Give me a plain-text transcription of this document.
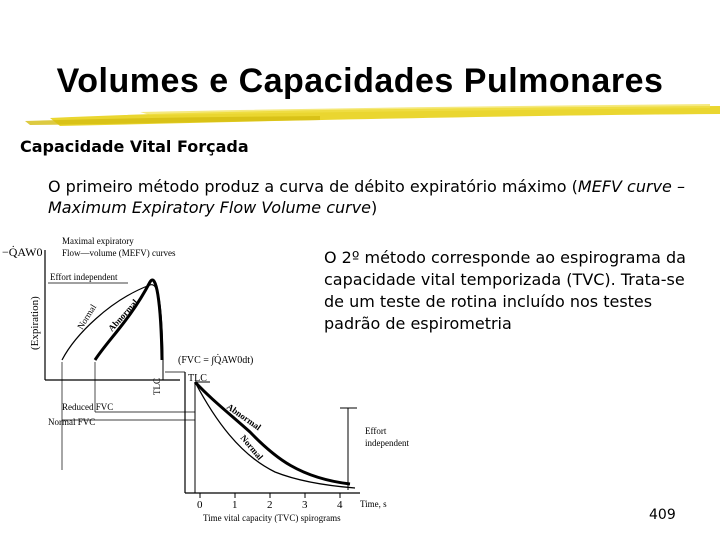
Volumes e Capacidades Pulmonares
Capacidade Vital Forçada
O primeiro método produz a curva de débito expiratório máximo (MEFV curve – Maximum Expiratory Flow Volume curve)
O 2º método corresponde ao espirograma da capacidade vital temporizada (TVC). Trata-se de um teste de rotina incluído nos testes padrão de espirometria
−Q̇AW0
(Expiration)
Maximal expiratory
Flow—volume (MEFV) curves
Effort independent
Normal Abnormal
(FVC = ∫Q̇AW0dt)
TLC	TLC
Reduced FVC
Normal FVC	Abnormal
Normal
Effort
independent
0	1	2	3	4 Time, s
Time vital capacity (TVC) spirograms	409
